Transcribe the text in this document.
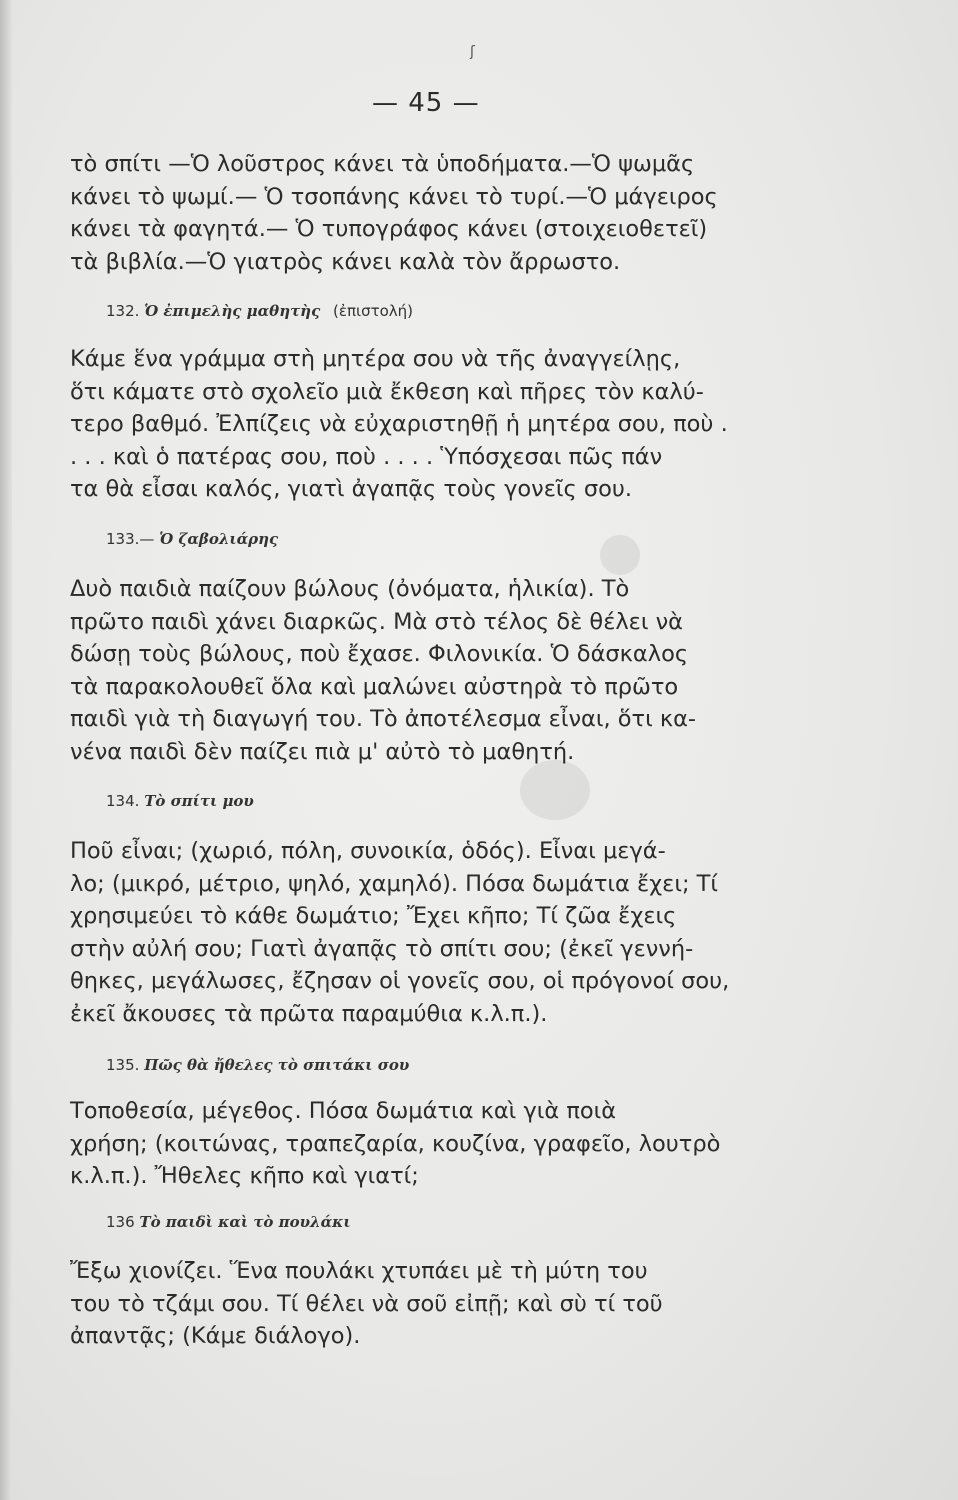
ʃ
— 45 —
τὸ σπίτι —Ὁ λοῦστρος κάνει τὰ ὑποδήματα.—Ὁ ψωμᾶς
κάνει τὸ ψωμί.— Ὁ τσοπάνης κάνει τὸ τυρί.—Ὁ μάγειρος
κάνει τὰ φαγητά.— Ὁ τυπογράφος κάνει (στοιχειοθετεῖ)
τὰ βιβλία.—Ὁ γιατρὸς κάνει καλὰ τὸν ἄρρωστο.
132. Ὁ ἐπιμελὴς μαθητὴς (ἐπιστολή)
Κάμε ἕνα γράμμα στὴ μητέρα σου νὰ τῆς ἀναγγείλῃς,
ὅτι κάματε στὸ σχολεῖο μιὰ ἔκθεση καὶ πῆρες τὸν καλύ-
τερο βαθμό. Ἐλπίζεις νὰ εὐχαριστηθῇ ἡ μητέρα σου, ποὺ .
. . . καὶ ὁ πατέρας σου, ποὺ . . . . Ὑπόσχεσαι πῶς πάν
τα θὰ εἶσαι καλός, γιατὶ ἀγαπᾷς τοὺς γονεῖς σου.
133.— Ὁ ζαβολιάρης
Δυὸ παιδιὰ παίζουν βώλους (ὀνόματα, ἡλικία). Τὸ
πρῶτο παιδὶ χάνει διαρκῶς. Μὰ στὸ τέλος δὲ θέλει νὰ
δώσῃ τοὺς βώλους, ποὺ ἔχασε. Φιλονικία. Ὁ δάσκαλος
τὰ παρακολουθεῖ ὅλα καὶ μαλώνει αὐστηρὰ τὸ πρῶτο
παιδὶ γιὰ τὴ διαγωγή του. Τὸ ἀποτέλεσμα εἶναι, ὅτι κα-
νένα παιδὶ δὲν παίζει πιὰ μ' αὐτὸ τὸ μαθητή.
134. Τὸ σπίτι μου
Ποῦ εἶναι; (χωριό, πόλη, συνοικία, ὁδός). Εἶναι μεγά-
λο; (μικρό, μέτριο, ψηλό, χαμηλό). Πόσα δωμάτια ἔχει; Τί
χρησιμεύει τὸ κάθε δωμάτιο; Ἔχει κῆπο; Τί ζῶα ἔχεις
στὴν αὐλή σου; Γιατὶ ἀγαπᾷς τὸ σπίτι σου; (ἐκεῖ γεννή-
θηκες, μεγάλωσες, ἔζησαν οἱ γονεῖς σου, οἱ πρόγονοί σου,
ἐκεῖ ἄκουσες τὰ πρῶτα παραμύθια κ.λ.π.).
135. Πῶς θὰ ἤθελες τὸ σπιτάκι σου
Τοποθεσία, μέγεθος. Πόσα δωμάτια καὶ γιὰ ποιὰ
χρήση; (κοιτώνας, τραπεζαρία, κουζίνα, γραφεῖο, λουτρὸ
κ.λ.π.). Ἤθελες κῆπο καὶ γιατί;
136 Τὸ παιδὶ καὶ τὸ πουλάκι
Ἔξω χιονίζει. Ἕνα πουλάκι χτυπάει μὲ τὴ μύτη του
του τὸ τζάμι σου. Τί θέλει νὰ σοῦ εἰπῇ; καὶ σὺ τί τοῦ
ἀπαντᾷς; (Κάμε διάλογο).
